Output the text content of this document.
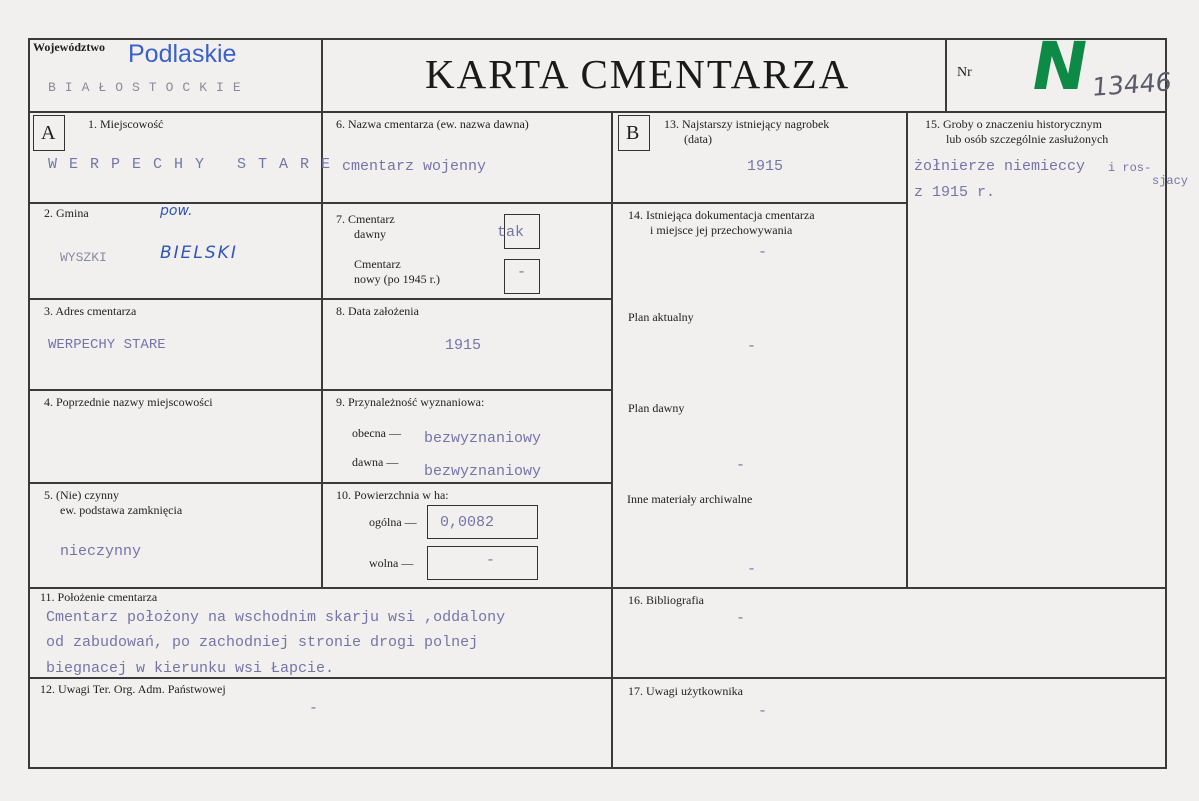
Województwo Podlaskie
BIAŁOSTOCKIE	KARTA CMENTARZA	Nr N
13446
A	1. Miejscowość
WERPECHY STARE
2. Gmina	pow.
WYSZKI	BIELSKI
3. Adres cmentarza
WERPECHY STARE
4. Poprzednie nazwy miejscowości
5. (Nie) czynny
ew. podstawa zamknięcia
nieczynny
6. Nazwa cmentarza (ew. nazwa dawna)
cmentarz wojenny
7. Cmentarz
dawny	tak
Cmentarz
nowy (po 1945 r.)	-
8. Data założenia
1915
9. Przynależność wyznaniowa:
obecna — bezwyznaniowy
dawna —
bezwyznaniowy
10. Powierzchnia w ha:
ogólna — 0,0082
wolna —	-
B 13. Najstarszy istniejący nagrobek
(data)
1915
14. Istniejąca dokumentacja cmentarza
i miejsce jej przechowywania
-
Plan aktualny
-
Plan dawny
-
Inne materiały archiwalne
-
15. Groby o znaczeniu historycznym
lub osób szczególnie zasłużonych
żołnierze niemieccy i ros-
sjacy
z 1915 r.
11. Położenie cmentarza
Cmentarz położony na wschodnim skarju wsi ,oddalony
od zabudowań, po zachodniej stronie drogi polnej
biegnacej w kierunku wsi Łapcie.
16. Bibliografia
-
12. Uwagi Ter. Org. Adm. Państwowej
-
17. Uwagi użytkownika
-
